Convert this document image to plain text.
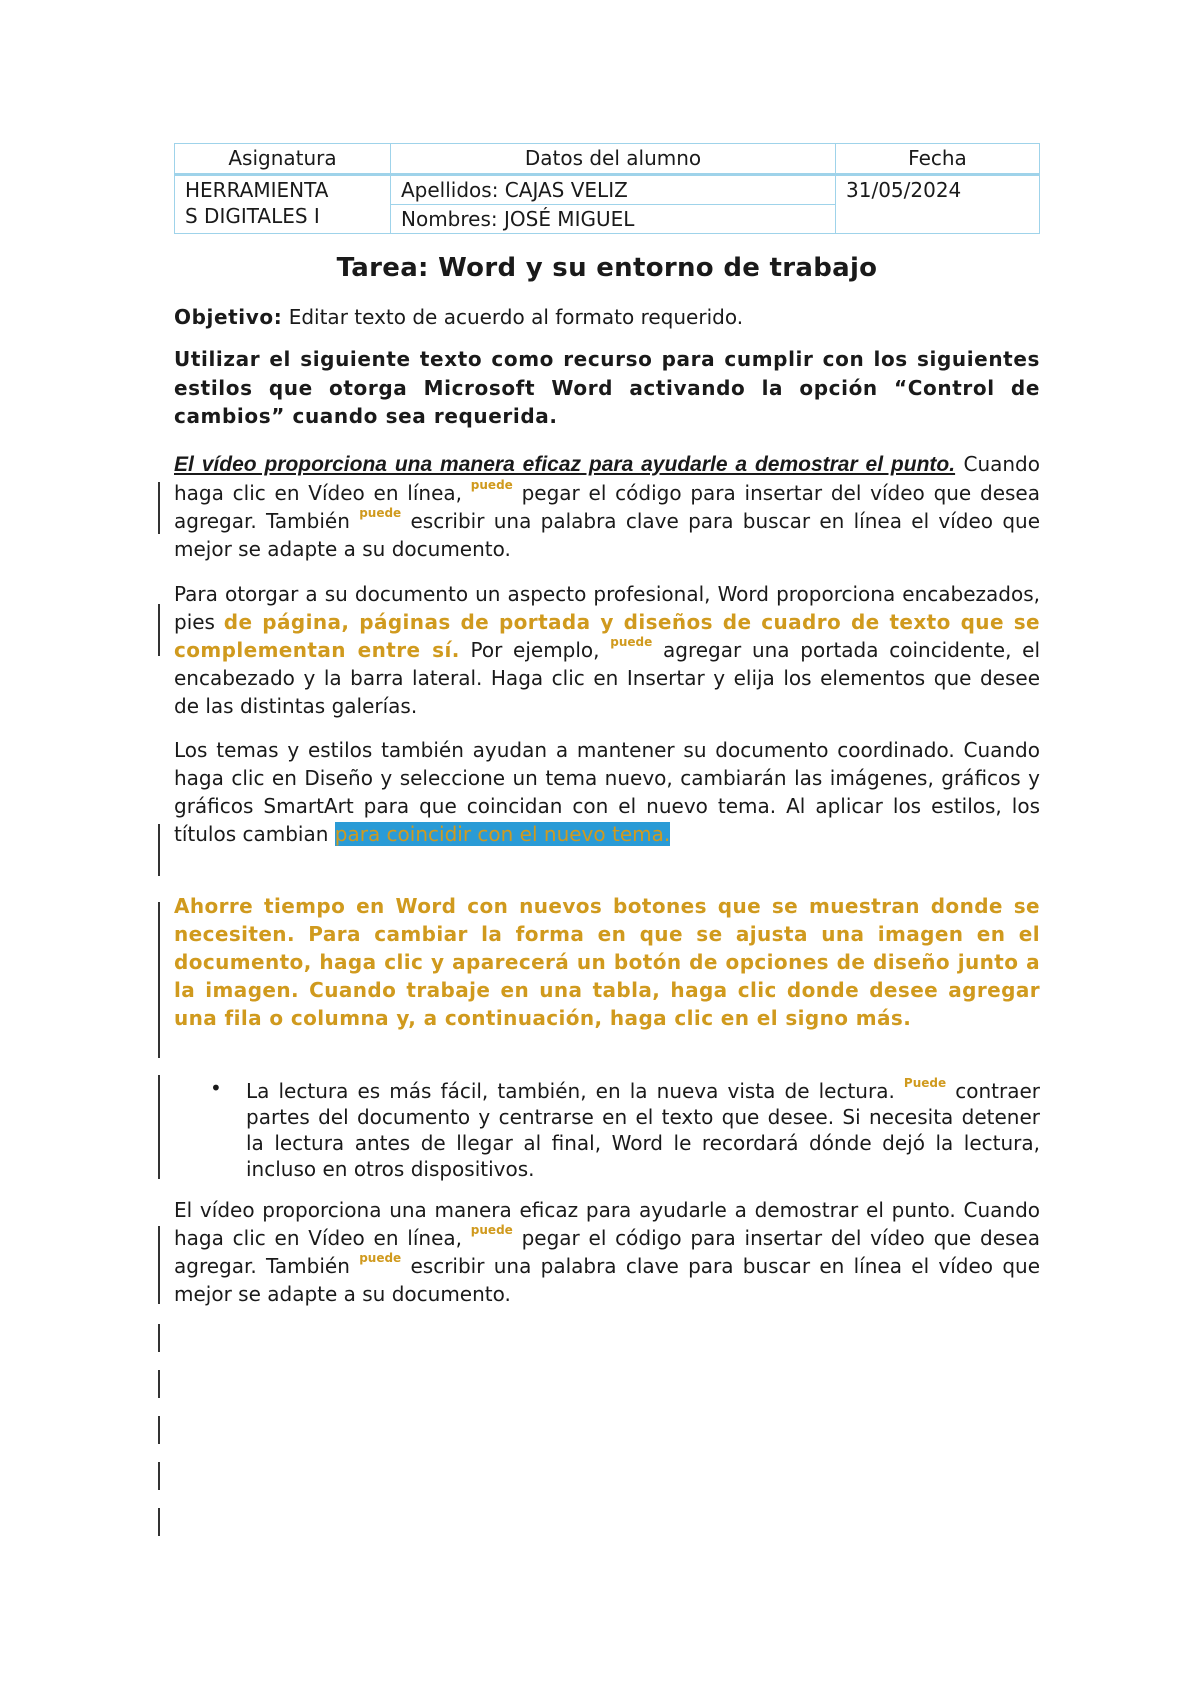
Asignatura	Datos del alumno	Fecha

HERRAMIENTA
S DIGITALES I	Apellidos: CAJAS VELIZ	31/05/2024
	Nombres: JOSÉ MIGUEL	
Tarea: Word y su entorno de trabajo
Objetivo: Editar texto de acuerdo al formato requerido.
Utilizar el siguiente texto como recurso para cumplir con los siguientes estilos que otorga Microsoft Word activando la opción “Control de cambios” cuando sea requerida.
El vídeo proporciona una manera eficaz para ayudarle a demostrar el punto. Cuando haga clic en Vídeo en línea, $^{puede}$ pegar el código para insertar del vídeo que desea agregar. También $^{puede}$ escribir una palabra clave para buscar en línea el vídeo que mejor se adapte a su documento.
Para otorgar a su documento un aspecto profesional, Word proporciona encabezados, pies de página, páginas de portada y diseños de cuadro de texto que se complementan entre sí. Por ejemplo, $^{puede}$ agregar una portada coincidente, el encabezado y la barra lateral. Haga clic en Insertar y elija los elementos que desee de las distintas galerías.
Los temas y estilos también ayudan a mantener su documento coordinado. Cuando haga clic en Diseño y seleccione un tema nuevo, cambiarán las imágenes, gráficos y gráficos SmartArt para que coincidan con el nuevo tema. Al aplicar los estilos, los títulos cambian para coincidir con el nuevo tema.
Ahorre tiempo en Word con nuevos botones que se muestran donde se necesiten. Para cambiar la forma en que se ajusta una imagen en el documento, haga clic y aparecerá un botón de opciones de diseño junto a la imagen. Cuando trabaje en una tabla, haga clic donde desee agregar una fila o columna y, a continuación, haga clic en el signo más.
• La lectura es más fácil, también, en la nueva vista de lectura. $^{Puede}$ contraer partes del documento y centrarse en el texto que desee. Si necesita detener la lectura antes de llegar al final, Word le recordará dónde dejó la lectura, incluso en otros dispositivos.
El vídeo proporciona una manera eficaz para ayudarle a demostrar el punto. Cuando haga clic en Vídeo en línea, $^{puede}$ pegar el código para insertar del vídeo que desea agregar. También $^{puede}$ escribir una palabra clave para buscar en línea el vídeo que mejor se adapte a su documento.
